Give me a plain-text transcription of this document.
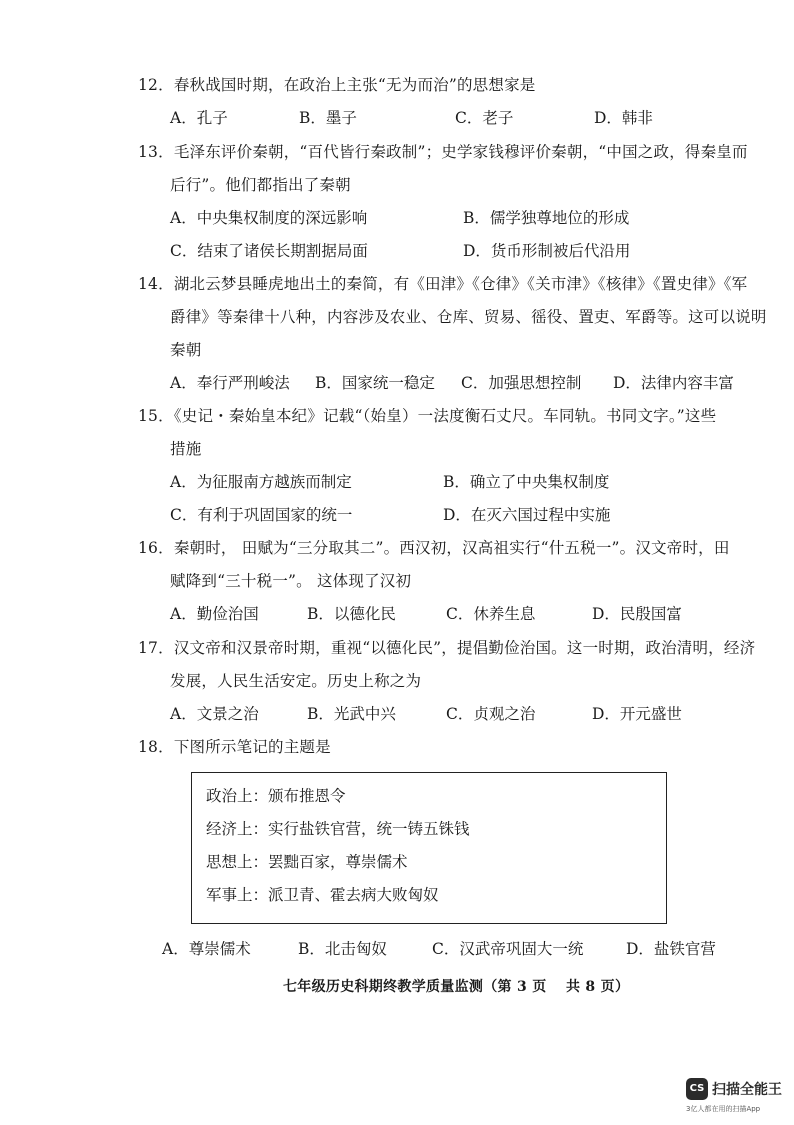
12．春秋战国时期，在政治上主张“无为而治”的思想家是
A．孔子	B．墨子	C．老子	D．韩非
13．毛泽东评价秦朝，“百代皆行秦政制”；史学家钱穆评价秦朝，“中国之政，得秦皇而
后行”。他们都指出了秦朝
A．中央集权制度的深远影响	B．儒学独尊地位的形成
C．结束了诸侯长期割据局面	D．货币形制被后代沿用
14．湖北云梦县睡虎地出土的秦简，有《田津》《仓律》《关市津》《核律》《置史律》《军
爵律》等秦律十八种，内容涉及农业、仓库、贸易、徭役、置吏、军爵等。这可以说明
秦朝
A．奉行严刑峻法 B．国家统一稳定 C．加强思想控制 D．法律内容丰富
15．《史记・秦始皇本纪》记载“（始皇）一法度衡石丈尺。车同轨。书同文字。”这些
措施
A．为征服南方越族而制定	B．确立了中央集权制度
C．有利于巩固国家的统一	D．在灭六国过程中实施
16．秦朝时， 田赋为“三分取其二”。西汉初，汉高祖实行“什五税一”。汉文帝时，田
赋降到“三十税一”。 这体现了汉初
A．勤俭治国	B．以德化民	C．休养生息	D．民殷国富
17．汉文帝和汉景帝时期，重视“以德化民”，提倡勤俭治国。这一时期，政治清明，经济
发展，人民生活安定。历史上称之为
A．文景之治	B．光武中兴	C．贞观之治	D．开元盛世
18．下图所示笔记的主题是
政治上：颁布推恩令
经济上：实行盐铁官营，统一铸五铢钱
思想上：罢黜百家，尊崇儒术
军事上：派卫青、霍去病大败匈奴
A．尊崇儒术	B．北击匈奴	C．汉武帝巩固大一统	D．盐铁官营
七年级历史科期终教学质量监测（第 3 页　 共 8 页）
CS 扫描全能王
3亿人都在用的扫描App
